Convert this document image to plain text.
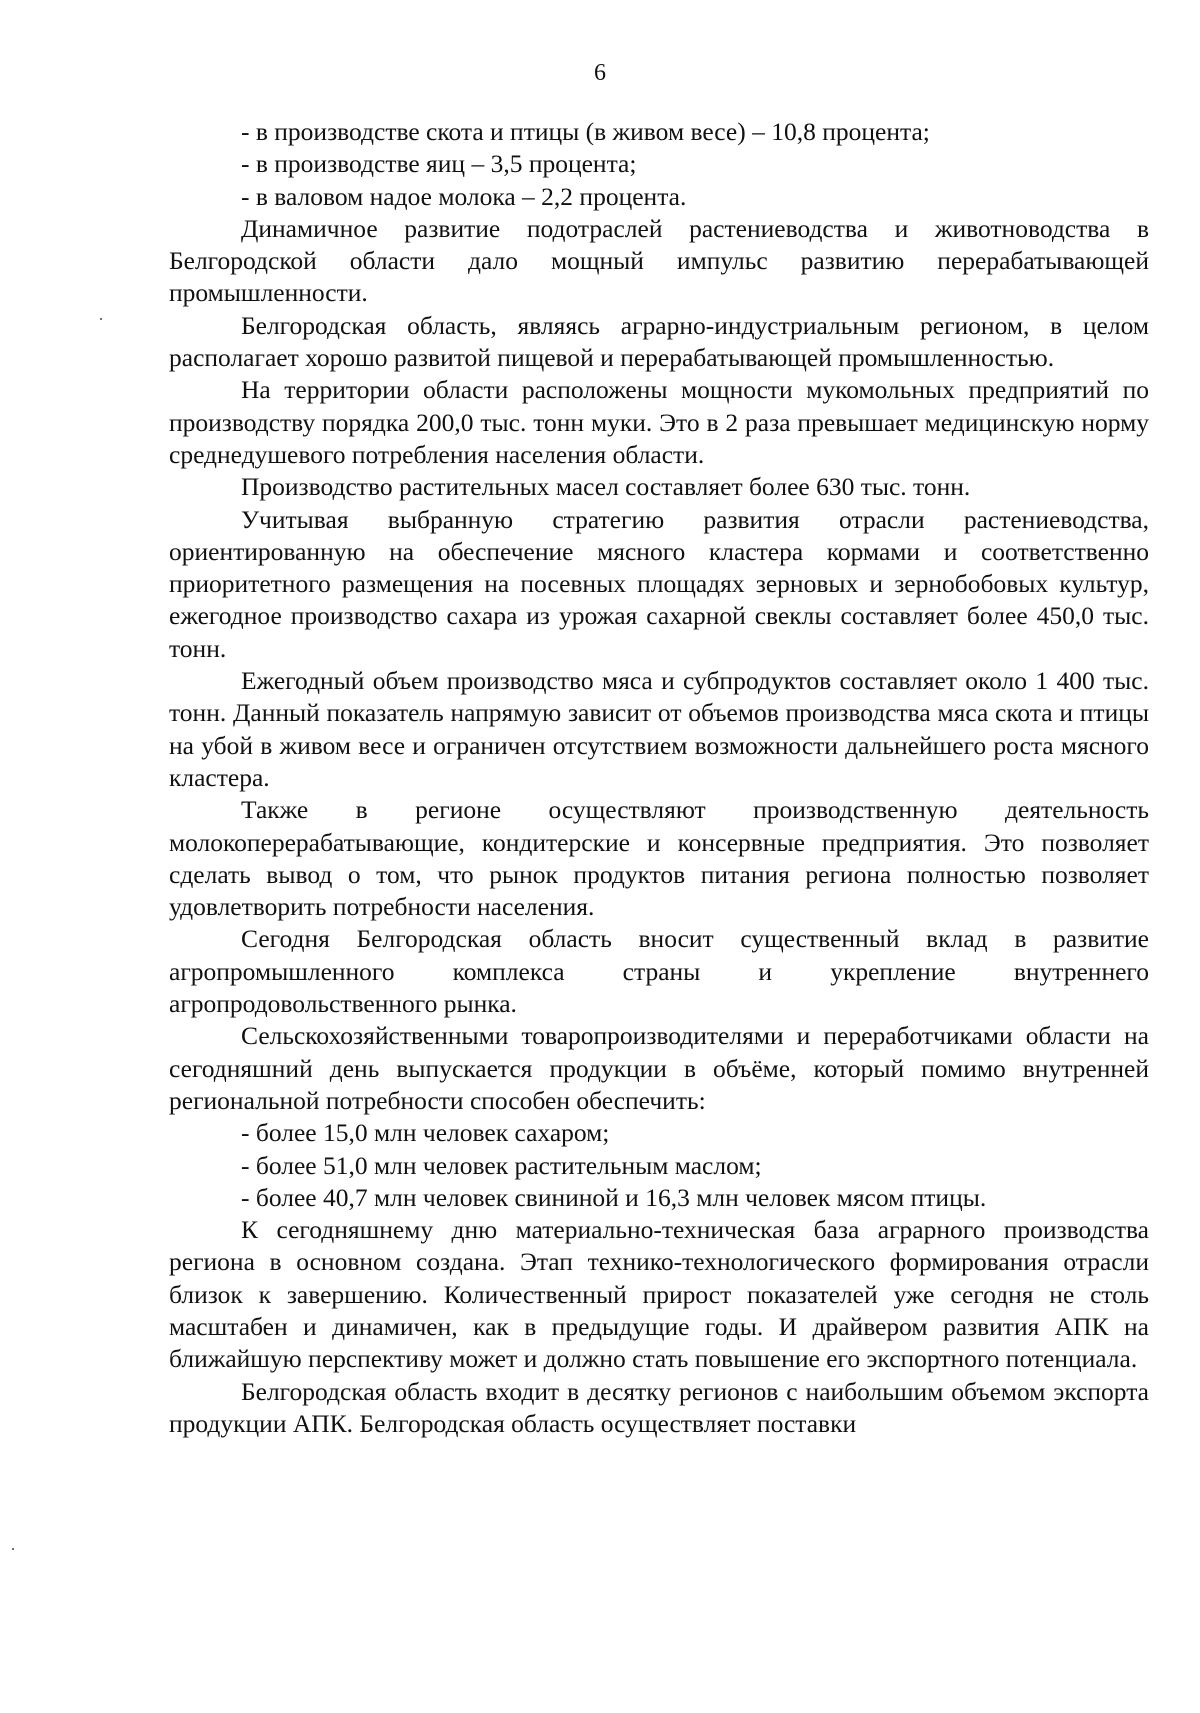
6

- в производстве скота и птицы (в живом весе) – 10,8 процента;

- в производстве яиц – 3,5 процента;

- в валовом надое молока – 2,2 процента.

Динамичное развитие подотраслей растениеводства и животноводства в Белгородской области дало мощный импульс развитию перерабатывающей промышленности.

Белгородская область, являясь аграрно-индустриальным регионом, в целом располагает хорошо развитой пищевой и перерабатывающей промышленностью.

На территории области расположены мощности мукомольных предприятий по производству порядка 200,0 тыс. тонн муки. Это в 2 раза превышает медицинскую норму среднедушевого потребления населения области.

Производство растительных масел составляет более 630 тыс. тонн.

Учитывая выбранную стратегию развития отрасли растениеводства, ориентированную на обеспечение мясного кластера кормами и соответственно приоритетного размещения на посевных площадях зерновых и зернобобовых культур, ежегодное производство сахара из урожая сахарной свеклы составляет более 450,0 тыс. тонн.

Ежегодный объем производство мяса и субпродуктов составляет около 1 400 тыс. тонн. Данный показатель напрямую зависит от объемов производства мяса скота и птицы на убой в живом весе и ограничен отсутствием возможности дальнейшего роста мясного кластера.

Также в регионе осуществляют производственную деятельность молокоперерабатывающие, кондитерские и консервные предприятия. Это позволяет сделать вывод о том, что рынок продуктов питания региона полностью позволяет удовлетворить потребности населения.

Сегодня Белгородская область вносит существенный вклад в развитие агропромышленного комплекса страны и укрепление внутреннего агропродовольственного рынка.

Сельскохозяйственными товаропроизводителями и переработчиками области на сегодняшний день выпускается продукции в объёме, который помимо внутренней региональной потребности способен обеспечить:

- более 15,0 млн человек сахаром;

- более 51,0 млн человек растительным маслом;

- более 40,7 млн человек свининой и 16,3 млн человек мясом птицы.

К сегодняшнему дню материально-техническая база аграрного производства региона в основном создана. Этап технико-технологического формирования отрасли близок к завершению. Количественный прирост показателей уже сегодня не столь масштабен и динамичен, как в предыдущие годы. И драйвером развития АПК на ближайшую перспективу может и должно стать повышение его экспортного потенциала.

Белгородская область входит в десятку регионов с наибольшим объемом экспорта продукции АПК. Белгородская область осуществляет поставки
